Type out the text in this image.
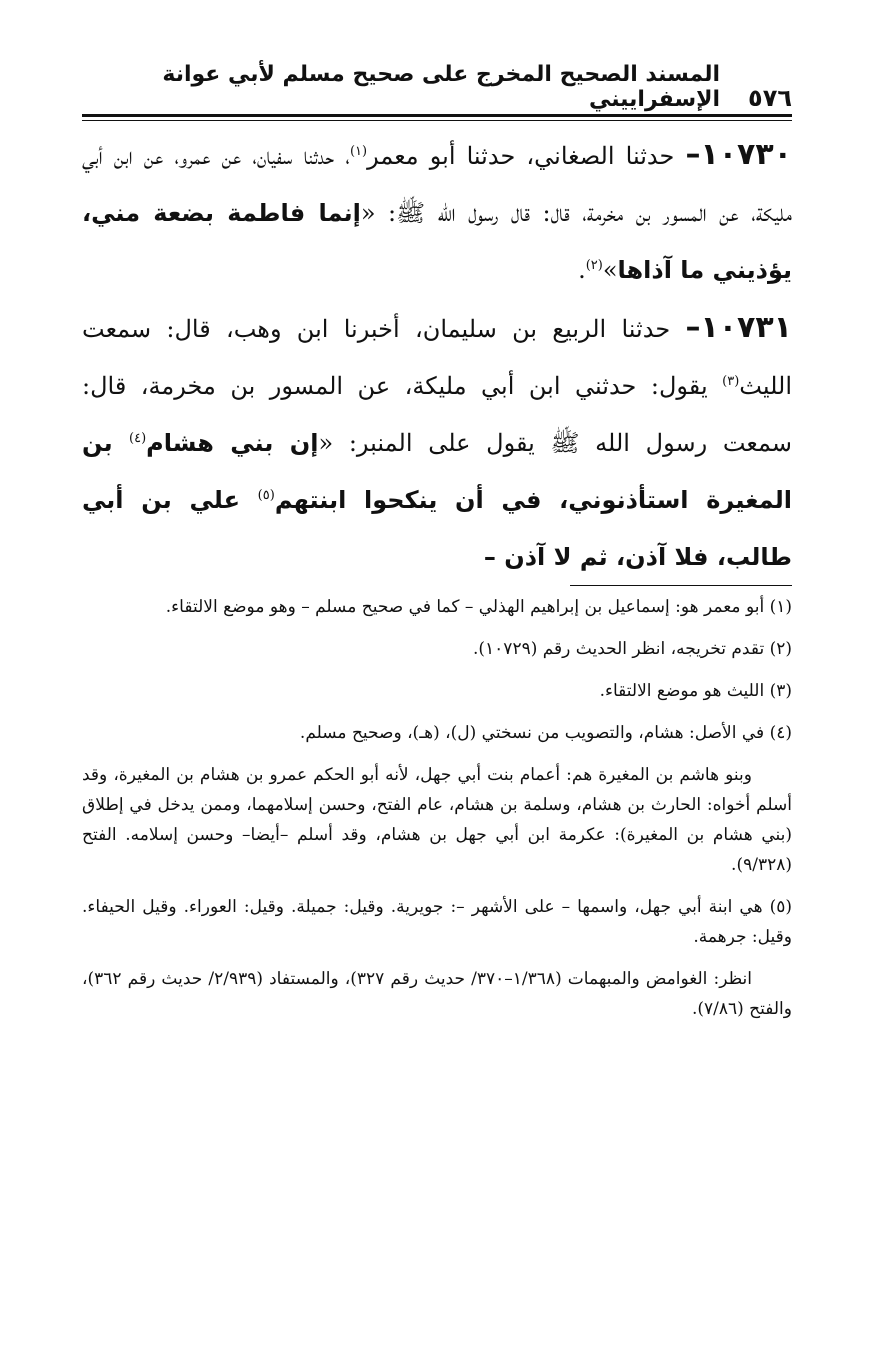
٥٧٦
المسند الصحيح المخرج على صحيح مسلم لأبي عوانة الإسفراييني

١٠٧٣٠– حدثنا الصغاني، حدثنا أبو معمر$^{(١)}$، حدثنا سفيان، عن عمرو، عن ابن أبي مليكة، عن المسور بن مخرمة، قال: قال رسول الله ﷺ: «إنما فاطمة بضعة مني، يؤذيني ما آذاها»$^{(٢)}$.

١٠٧٣١– حدثنا الربيع بن سليمان، أخبرنا ابن وهب، قال: سمعت الليث$^{(٣)}$ يقول: حدثني ابن أبي مليكة، عن المسور بن مخرمة، قال: سمعت رسول الله ﷺ يقول على المنبر: «إن بني هشام$^{(٤)}$ بن المغيرة استأذنوني، في أن ينكحوا ابنتهم$^{(٥)}$ علي بن أبي طالب، فلا آذن، ثم لا آذن –

(١) أبو معمر هو: إسماعيل بن إبراهيم الهذلي – كما في صحيح مسلم – وهو موضع الالتقاء.

(٢) تقدم تخريجه، انظر الحديث رقم (١٠٧٢٩).

(٣) الليث هو موضع الالتقاء.

(٤) في الأصل: هشام، والتصويب من نسختي (ل)، (هـ)، وصحيح مسلم.

وبنو هاشم بن المغيرة هم: أعمام بنت أبي جهل، لأنه أبو الحكم عمرو بن هشام بن المغيرة، وقد أسلم أخواه: الحارث بن هشام، وسلمة بن هشام، عام الفتح، وحسن إسلامهما، وممن يدخل في إطلاق (بني هشام بن المغيرة): عكرمة ابن أبي جهل بن هشام، وقد أسلم –أيضا– وحسن إسلامه. الفتح (٩/٣٢٨).

(٥) هي ابنة أبي جهل، واسمها – على الأشهر –: جويرية. وقيل: جميلة. وقيل: العوراء. وقيل الحيفاء. وقيل: جرهمة.

انظر: الغوامض والمبهمات (١/٣٦٨–٣٧٠/ حديث رقم ٣٢٧)، والمستفاد (٢/٩٣٩/ حديث رقم ٣٦٢)، والفتح (٧/٨٦).
